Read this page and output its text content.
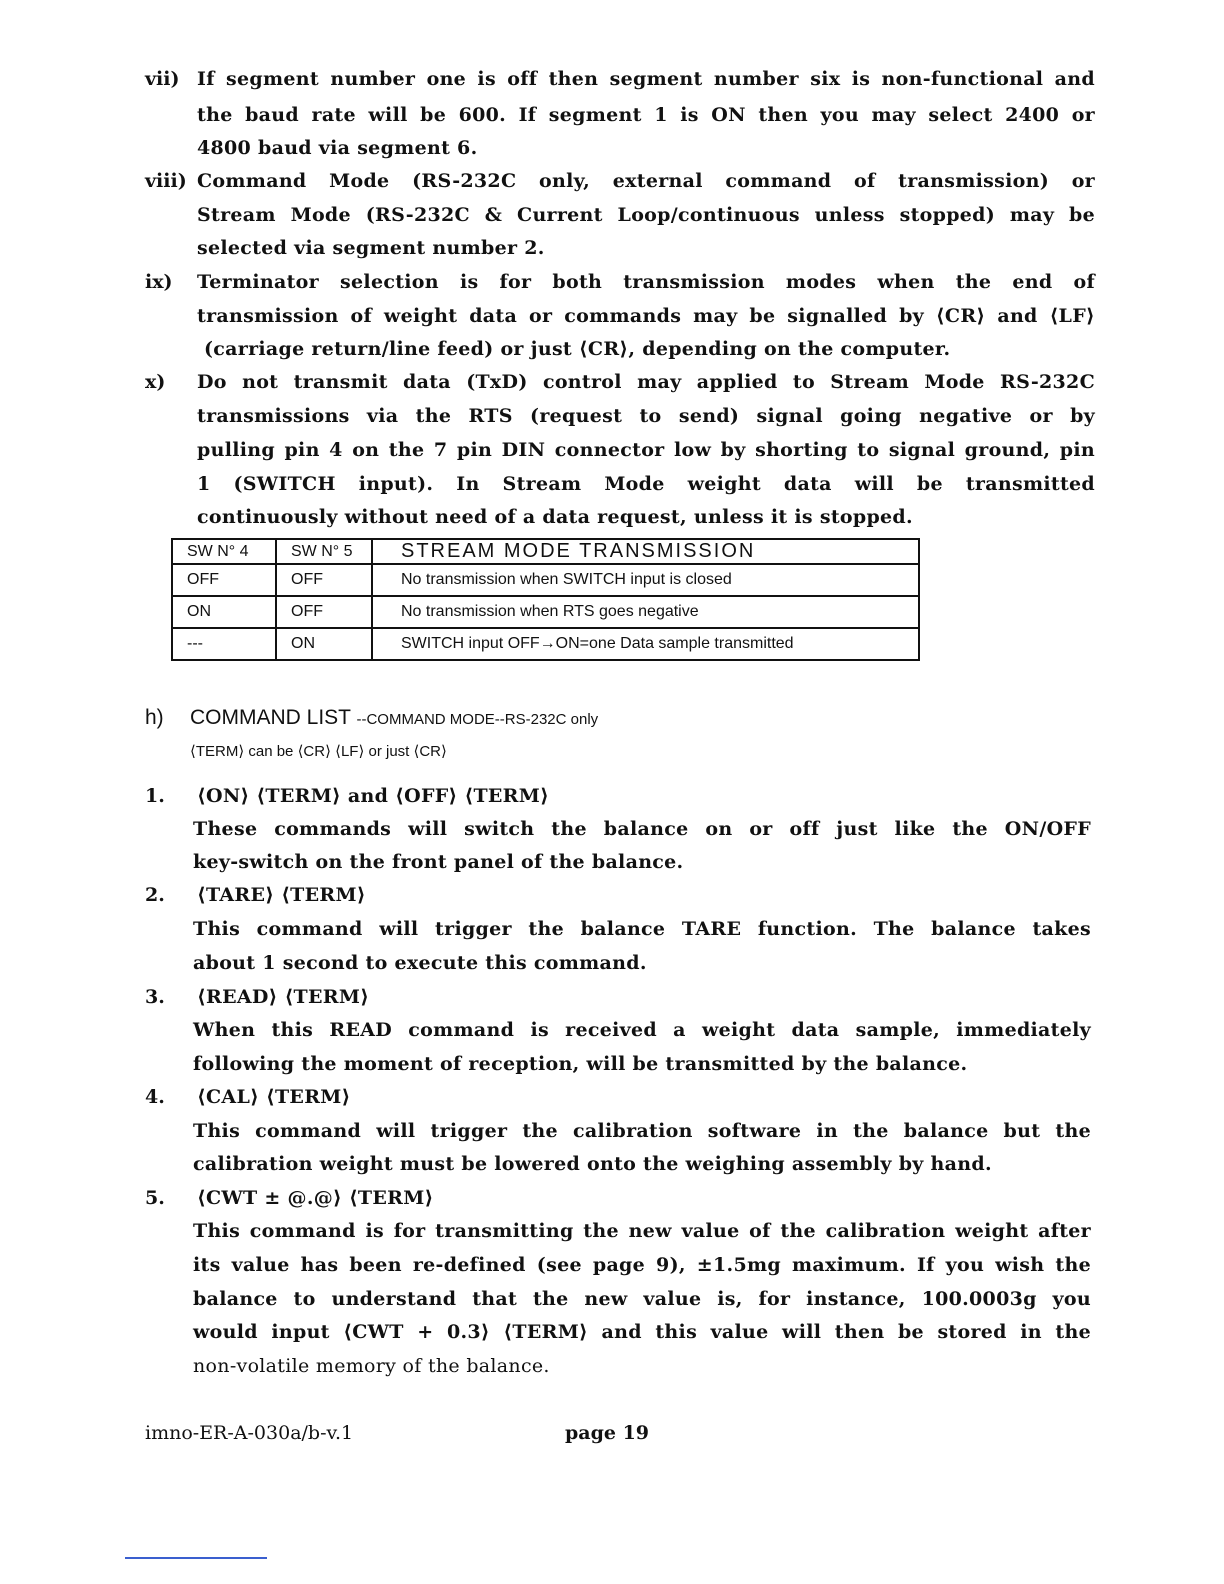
vii) If segment number one is off then segment number six is non-functional and
the baud rate will be 600. If segment 1 is ON then you may select 2400 or
4800 baud via segment 6.
viii) Command Mode (RS-232C only, external command of transmission) or
Stream Mode (RS-232C & Current Loop/continuous unless stopped) may be
selected via segment number 2.
ix) Terminator selection is for both transmission modes when the end of
transmission of weight data or commands may be signalled by ⟨CR⟩ and ⟨LF⟩
(carriage return/line feed) or just ⟨CR⟩, depending on the computer.
x) Do not transmit data (TxD) control may applied to Stream Mode RS-232C
transmissions via the RTS (request to send) signal going negative or by
pulling pin 4 on the 7 pin DIN connector low by shorting to signal ground, pin
1 (SWITCH input). In Stream Mode weight data will be transmitted
continuously without need of a data request, unless it is stopped.
SW N° 4	SW N° 5	STREAM MODE TRANSMISSION
OFF	OFF	No transmission when SWITCH input is closed
ON	OFF	No transmission when RTS goes negative
---	ON	SWITCH input OFF→ON=one Data sample transmitted
h) COMMAND LIST --COMMAND MODE--RS-232C only
⟨TERM⟩ can be ⟨CR⟩ ⟨LF⟩ or just ⟨CR⟩
1. ⟨ON⟩ ⟨TERM⟩ and ⟨OFF⟩ ⟨TERM⟩
These commands will switch the balance on or off just like the ON/OFF
key-switch on the front panel of the balance.
2. ⟨TARE⟩ ⟨TERM⟩
This command will trigger the balance TARE function. The balance takes
about 1 second to execute this command.
3. ⟨READ⟩ ⟨TERM⟩
When this READ command is received a weight data sample, immediately
following the moment of reception, will be transmitted by the balance.
4. ⟨CAL⟩ ⟨TERM⟩
This command will trigger the calibration software in the balance but the
calibration weight must be lowered onto the weighing assembly by hand.
5. ⟨CWT ± @.@⟩ ⟨TERM⟩
This command is for transmitting the new value of the calibration weight after
its value has been re-defined (see page 9), ±1.5mg maximum. If you wish the
balance to understand that the new value is, for instance, 100.0003g you
would input ⟨CWT + 0.3⟩ ⟨TERM⟩ and this value will then be stored in the
non-volatile memory of the balance.
imno-ER-A-030a/b-v.1	page 19
